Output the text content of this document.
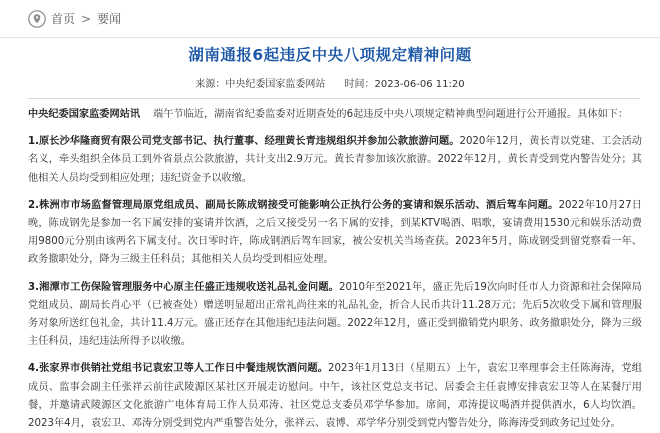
首页 > 要闻
湖南通报6起违反中央八项规定精神问题
来源：中央纪委国家监委网站 时间：2023-06-06 11:20

中央纪委国家监委网站讯 端午节临近，湖南省纪委监委对近期查处的6起违反中央八项规定精神典型问题进行公开通报。具体如下：

1.原长沙华隆商贸有限公司党支部书记、执行董事、经理黄长青违规组织并参加公款旅游问题。2020年12月，黄长青以党建、工会活动名义，牵头组织全体员工到外省景点公款旅游，共计支出2.9万元。黄长青参加该次旅游。2022年12月，黄长青受到党内警告处分；其他相关人员均受到相应处理；违纪资金予以收缴。

2.株洲市市场监督管理局原党组成员、副局长陈成钢接受可能影响公正执行公务的宴请和娱乐活动、酒后驾车问题。2022年10月27日晚，陈成钢先是参加一名下属安排的宴请并饮酒，之后又接受另一名下属的安排，到某KTV喝酒、唱歌，宴请费用1530元和娱乐活动费用9800元分别由该两名下属支付。次日零时许，陈成钢酒后驾车回家，被公安机关当场查获。2023年5月，陈成钢受到留党察看一年、政务撤职处分，降为三级主任科员；其他相关人员均受到相应处理。

3.湘潭市工伤保险管理服务中心原主任盛正违规收送礼品礼金问题。2010年至2021年，盛正先后19次向时任市人力资源和社会保障局党组成员、副局长肖心平（已被查处）赠送明显超出正常礼尚往来的礼品礼金，折合人民币共计11.28万元；先后5次收受下属和管理服务对象所送红包礼金，共计11.4万元。盛正还存在其他违纪违法问题。2022年12月，盛正受到撤销党内职务、政务撤职处分，降为三级主任科员，违纪违法所得予以收缴。

4.张家界市供销社党组书记袁宏卫等人工作日中餐违规饮酒问题。2023年1月13日（星期五）上午，袁宏卫率理事会主任陈海涛，党组成员、监事会副主任张祥云前往武陵源区某社区开展走访慰问。中午，该社区党总支书记、居委会主任袁博安排袁宏卫等人在某餐厅用餐，并邀请武陵源区文化旅游广电体育局工作人员邓涛、社区党总支委员邓学华参加。席间，邓涛提议喝酒并提供酒水，6人均饮酒。2023年4月，袁宏卫、邓涛分别受到党内严重警告处分，张祥云、袁博、邓学华分别受到党内警告处分，陈海涛受到政务记过处分。
